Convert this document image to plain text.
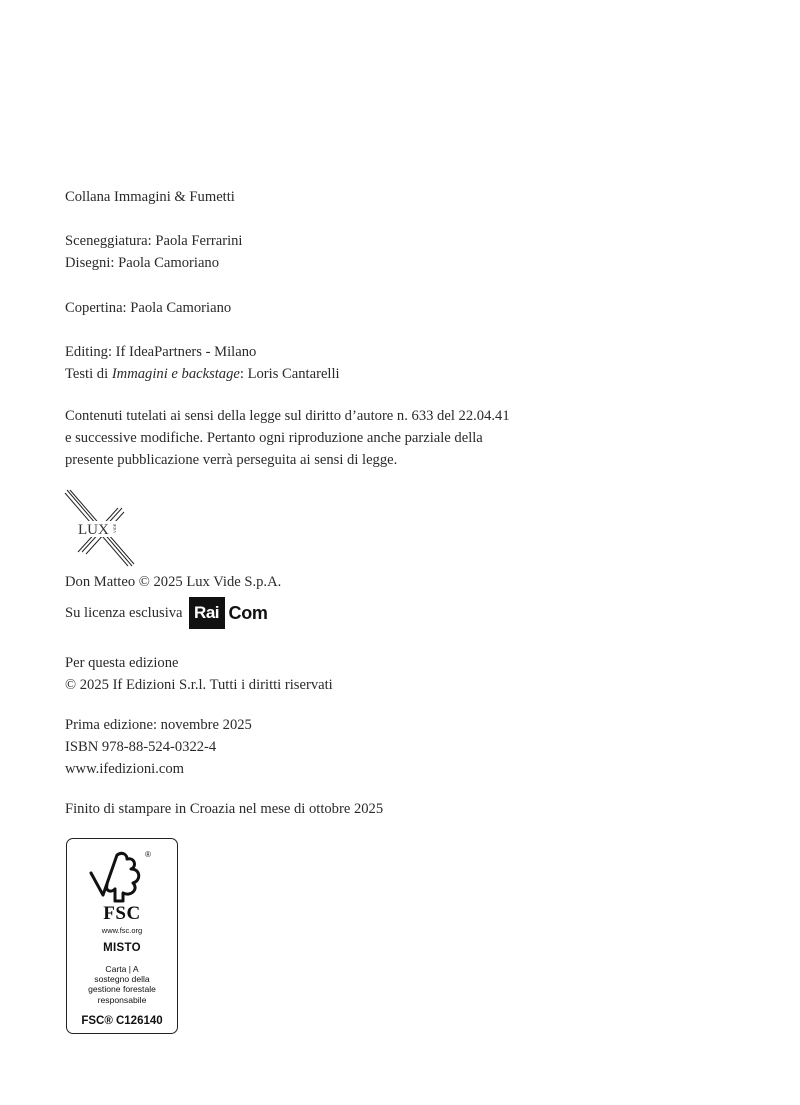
Collana Immagini & Fumetti

Sceneggiatura: Paola Ferrarini

Disegni: Paola Camoriano

Copertina: Paola Camoriano

Editing: If IdeaPartners - Milano

Testi di Immagini e backstage: Loris Cantarelli

Contenuti tutelati ai sensi della legge sul diritto d’autore n. 633 del 22.04.41

e successive modifiche. Pertanto ogni riproduzione anche parziale della

presente pubblicazione verrà perseguita ai sensi di legge.

LUX VIDE

Don Matteo © 2025 Lux Vide S.p.A.

Su licenza esclusiva Rai Com

Per questa edizione

© 2025 If Edizioni S.r.l. Tutti i diritti riservati

Prima edizione: novembre 2025

ISBN 978-88-524-0322-4

www.ifedizioni.com

Finito di stampare in Croazia nel mese di ottobre 2025

®
FSC
www.fsc.org
MISTO
Carta | A
sostegno della
gestione forestale
responsabile
FSC® C126140
